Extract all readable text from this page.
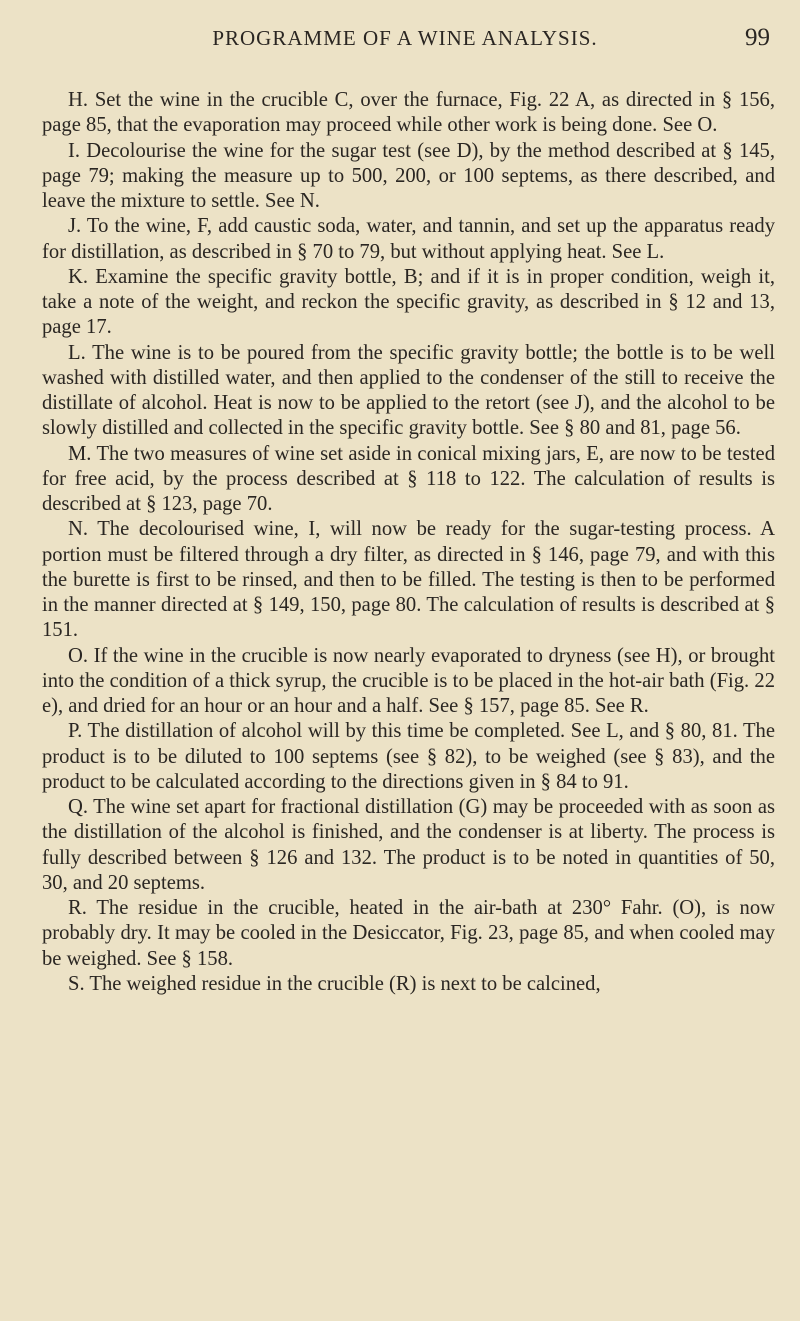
PROGRAMME OF A WINE ANALYSIS.	99

H. Set the wine in the crucible C, over the furnace, Fig. 22 A, as directed in § 156, page 85, that the evaporation may proceed while other work is being done. See O.

I. Decolourise the wine for the sugar test (see D), by the method described at § 145, page 79; making the measure up to 500, 200, or 100 septems, as there described, and leave the mixture to settle. See N.

J. To the wine, F, add caustic soda, water, and tannin, and set up the apparatus ready for distillation, as described in § 70 to 79, but without applying heat. See L.

K. Examine the specific gravity bottle, B; and if it is in proper condition, weigh it, take a note of the weight, and reckon the specific gravity, as described in § 12 and 13, page 17.

L. The wine is to be poured from the specific gravity bottle; the bottle is to be well washed with distilled water, and then applied to the condenser of the still to receive the distillate of alcohol. Heat is now to be applied to the retort (see J), and the alcohol to be slowly distilled and collected in the specific gravity bottle. See § 80 and 81, page 56.

M. The two measures of wine set aside in conical mixing jars, E, are now to be tested for free acid, by the process described at § 118 to 122. The calculation of results is described at § 123, page 70.

N. The decolourised wine, I, will now be ready for the sugar-testing process. A portion must be filtered through a dry filter, as directed in § 146, page 79, and with this the burette is first to be rinsed, and then to be filled. The testing is then to be performed in the manner directed at § 149, 150, page 80. The calculation of results is described at § 151.

O. If the wine in the crucible is now nearly evaporated to dryness (see H), or brought into the condition of a thick syrup, the crucible is to be placed in the hot-air bath (Fig. 22 e), and dried for an hour or an hour and a half. See § 157, page 85. See R.

P. The distillation of alcohol will by this time be completed. See L, and § 80, 81. The product is to be diluted to 100 septems (see § 82), to be weighed (see § 83), and the product to be calculated according to the directions given in § 84 to 91.

Q. The wine set apart for fractional distillation (G) may be proceeded with as soon as the distillation of the alcohol is finished, and the condenser is at liberty. The process is fully described between § 126 and 132. The product is to be noted in quantities of 50, 30, and 20 septems.

R. The residue in the crucible, heated in the air-bath at 230° Fahr. (O), is now probably dry. It may be cooled in the Desiccator, Fig. 23, page 85, and when cooled may be weighed. See § 158.

S. The weighed residue in the crucible (R) is next to be calcined,
